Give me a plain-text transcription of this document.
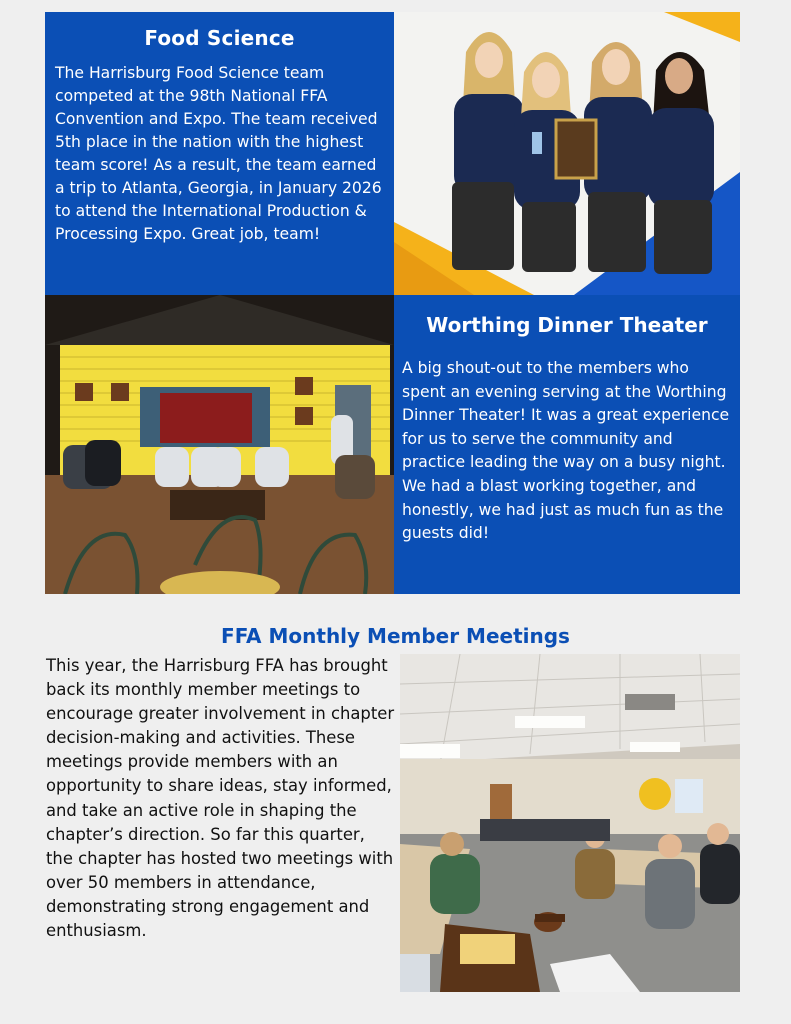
Food Science

The Harrisburg Food Science team competed at the 98th National FFA Convention and Expo. The team received 5th place in the nation with the highest team score! As a result, the team earned a trip to Atlanta, Georgia, in January 2026 to attend the International Production & Processing Expo. Great job, team!

Worthing Dinner Theater

A big shout-out to the members who spent an evening serving at the Worthing Dinner Theater! It was a great experience for us to serve the community and practice leading the way on a busy night. We had a blast working together, and honestly, we had just as much fun as the guests did!

FFA Monthly Member Meetings

This year, the Harrisburg FFA has brought back its monthly member meetings to encourage greater involvement in chapter decision-making and activities. These meetings provide members with an opportunity to share ideas, stay informed, and take an active role in shaping the chapter’s direction. So far this quarter, the chapter has hosted two meetings with over 50 members in attendance, demonstrating strong engagement and enthusiasm.
